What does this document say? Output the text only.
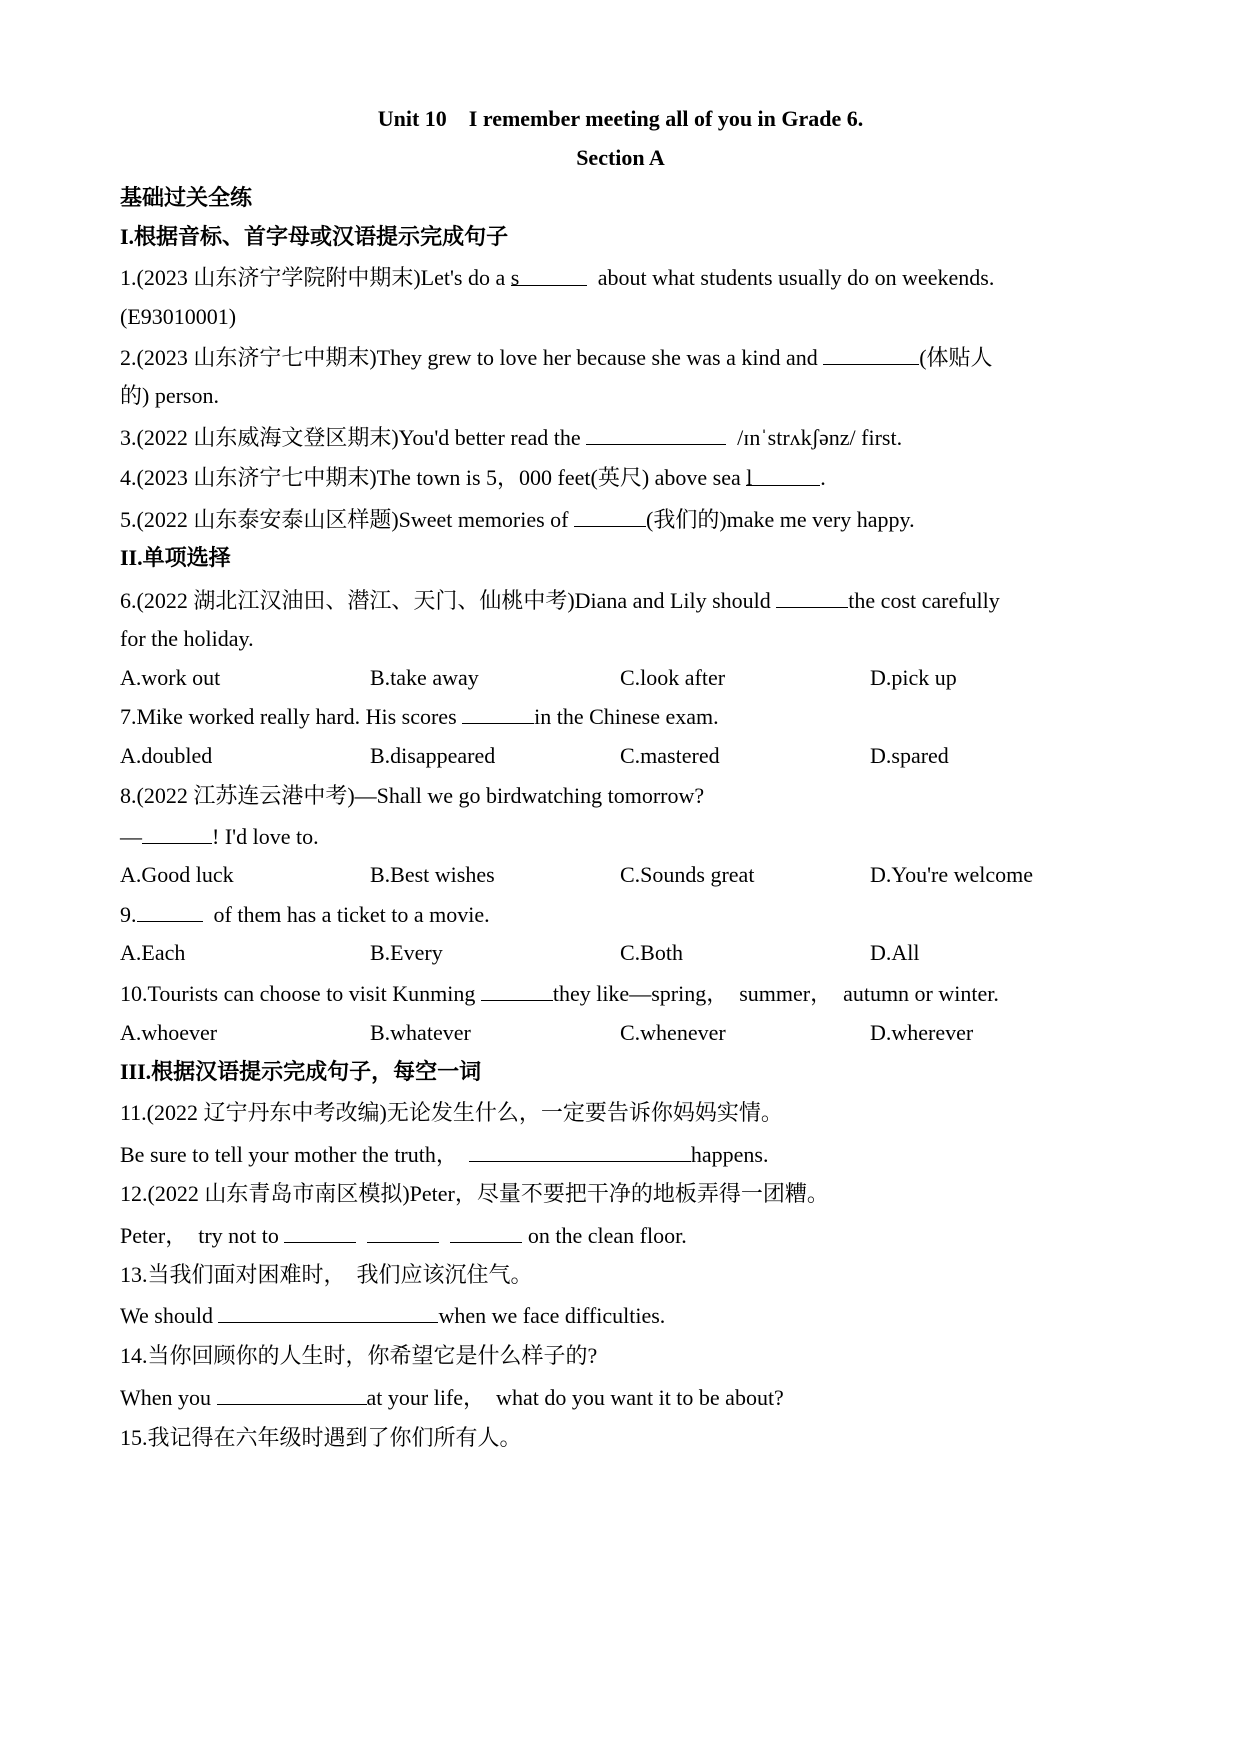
Unit 10    I remember meeting all of you in Grade 6.
Section A
基础过关全练
I.根据音标、首字母或汉语提示完成句子
1.(2023 山东济宁学院附中期末)Let's do a s	about what students usually do on weekends.
(E93010001)
2.(2023 山东济宁七中期末)They grew to love her because she was a kind and	(体贴人
的) person.
3.(2022 山东威海文登区期末)You'd better read the	/ɪnˈstrʌkʃənz/ first.
4.(2023 山东济宁七中期末)The town is 5，000 feet(英尺) above sea l	.
5.(2022 山东泰安泰山区样题)Sweet memories of	(我们的)make me very happy.
II.单项选择
6.(2022 湖北江汉油田、潜江、天门、仙桃中考)Diana and Lily should	the cost carefully
for the holiday.
A.work out	B.take away	C.look after	D.pick up
7.Mike worked really hard. His scores	in the Chinese exam.
A.doubled	B.disappeared	C.mastered	D.spared
8.(2022 江苏连云港中考)—Shall we go birdwatching tomorrow?
—	! I'd love to.
A.Good luck	B.Best wishes	C.Sounds great	D.You're welcome
9.	of them has a ticket to a movie.
A.Each	B.Every	C.Both	D.All
10.Tourists can choose to visit Kunming	they like—spring，  summer，  autumn or winter.
A.whoever	B.whatever	C.whenever	D.wherever
III.根据汉语提示完成句子，每空一词
11.(2022 辽宁丹东中考改编)无论发生什么，一定要告诉你妈妈实情。
Be sure to tell your mother the truth，	happens.
12.(2022 山东青岛市南区模拟)Peter，尽量不要把干净的地板弄得一团糟。
Peter，  try not to	on the clean floor.
13.当我们面对困难时，  我们应该沉住气。
We should	when we face difficulties.
14.当你回顾你的人生时，你希望它是什么样子的?
When you	at your life，  what do you want it to be about?
15.我记得在六年级时遇到了你们所有人。
